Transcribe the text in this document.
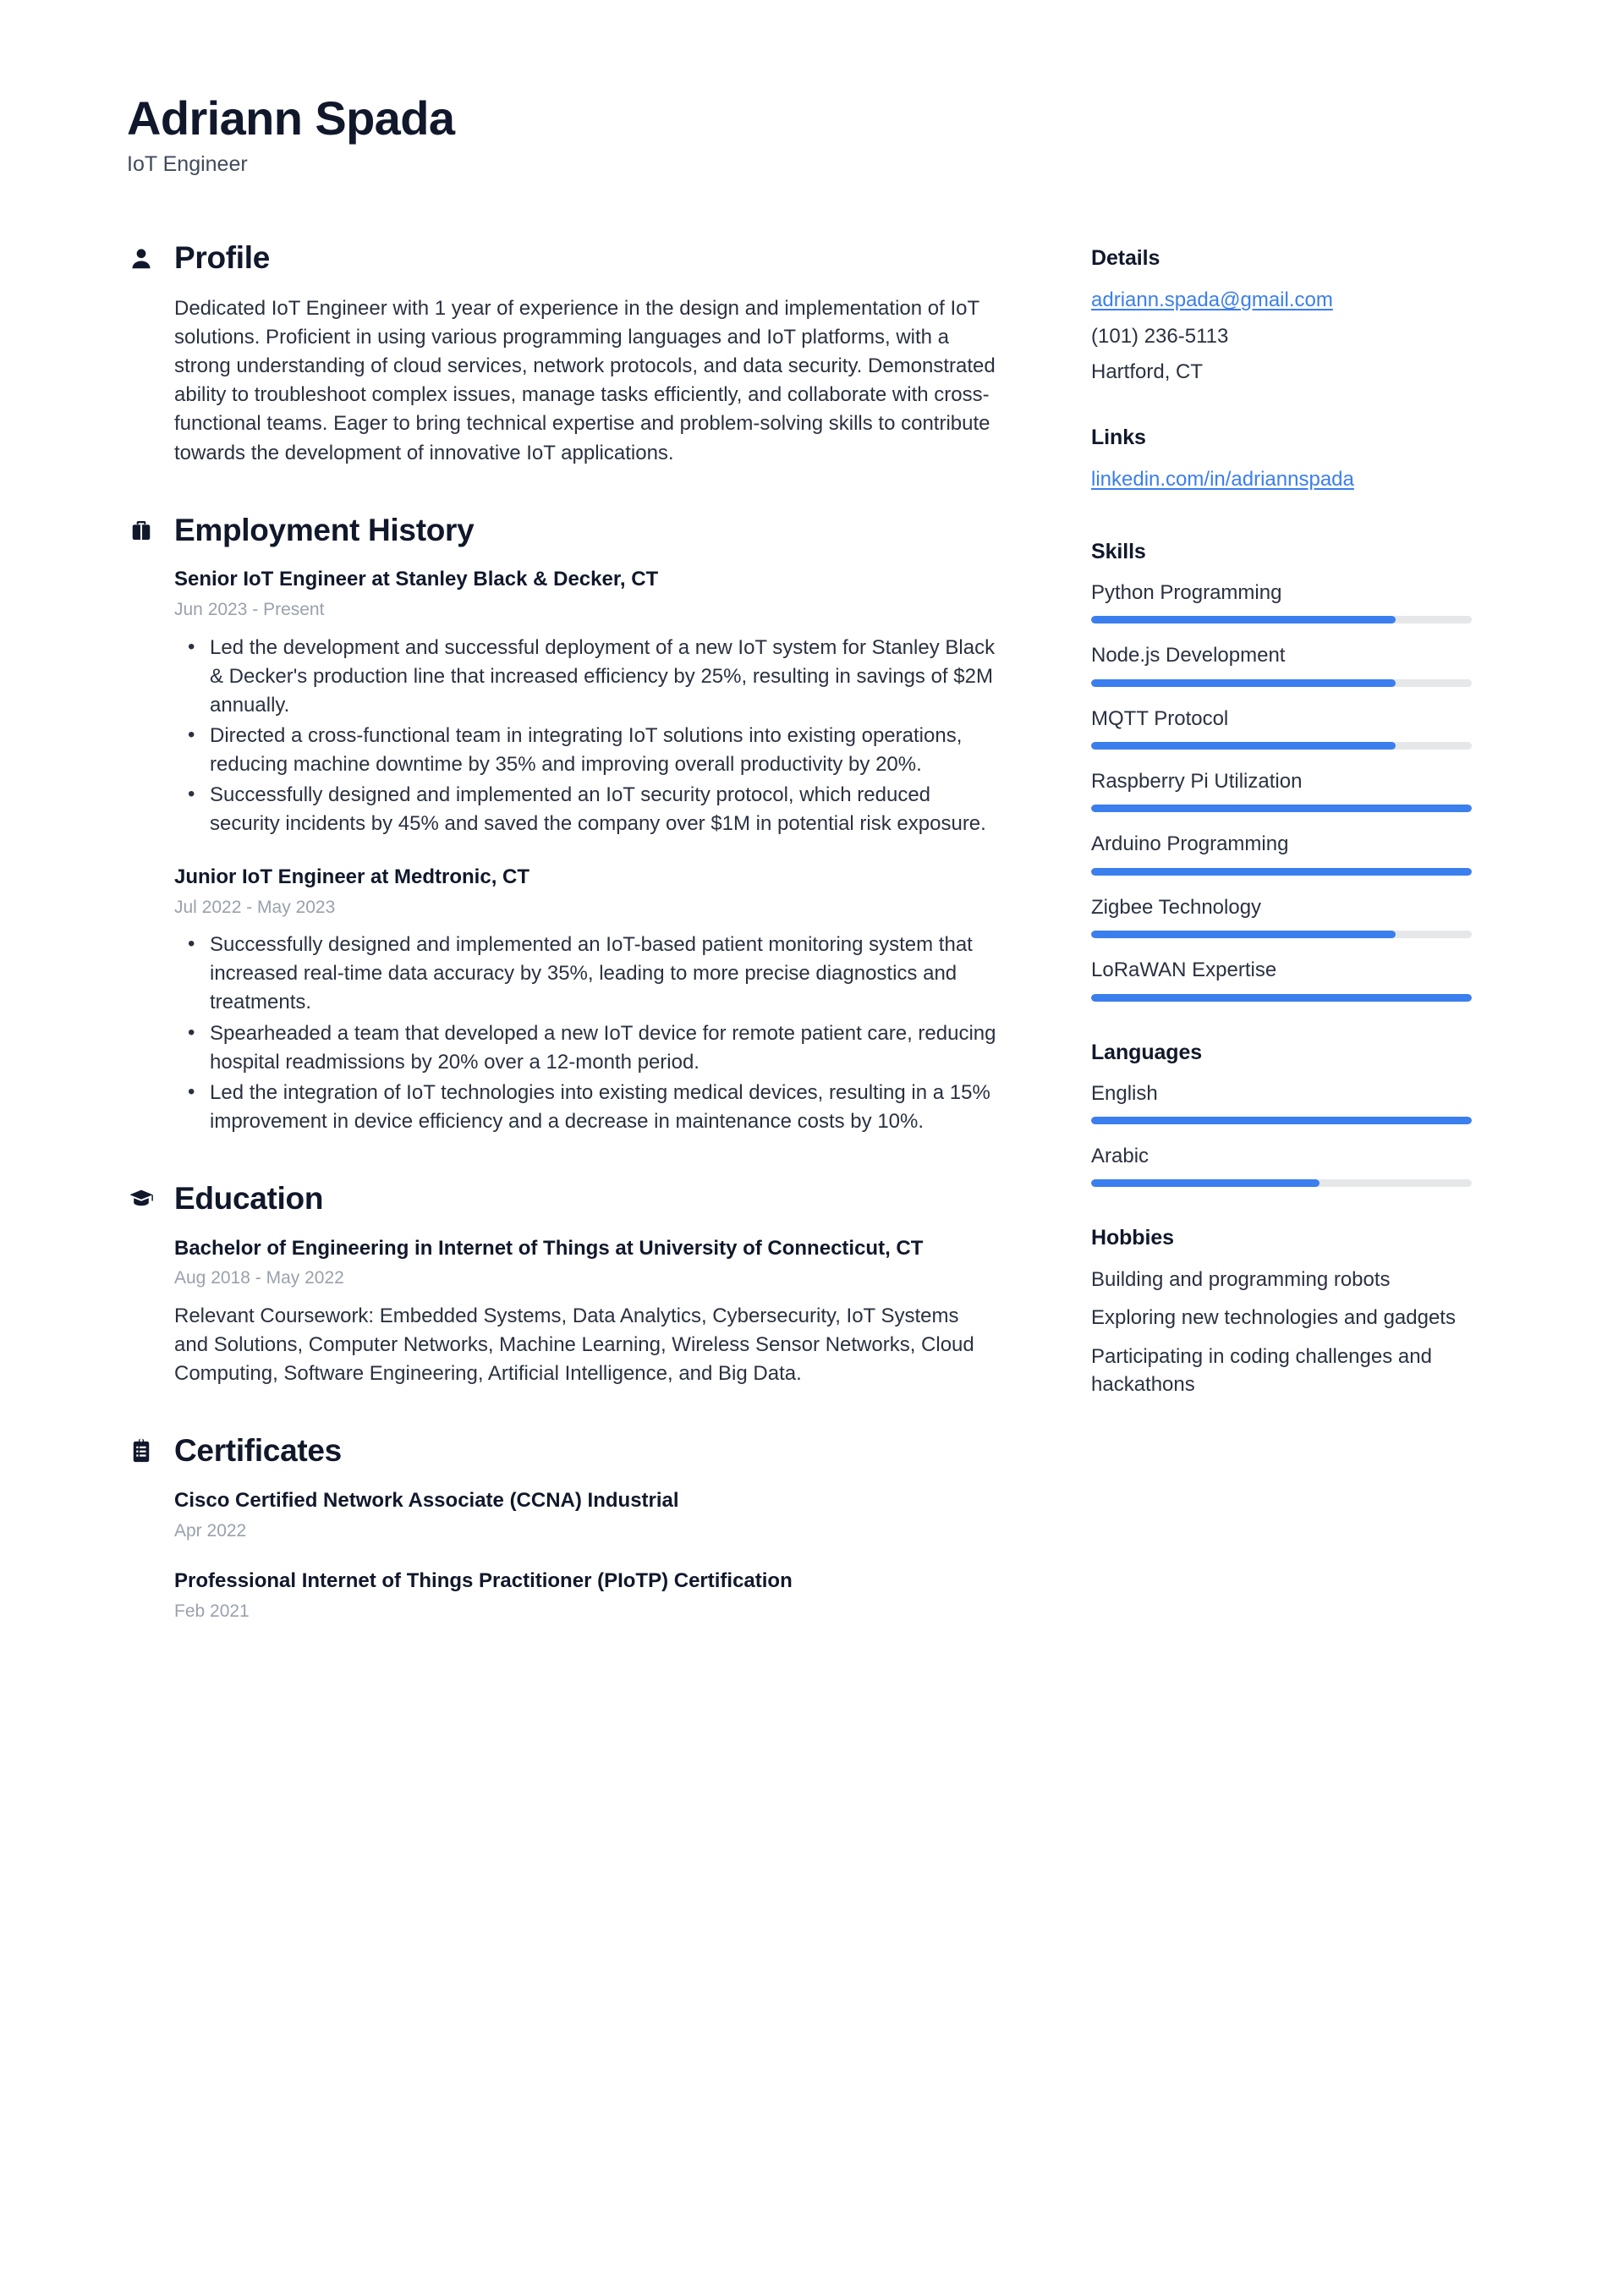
Adriann Spada
IoT Engineer
Profile

Dedicated IoT Engineer with 1 year of experience in the design and implementation of IoT solutions. Proficient in using various programming languages and IoT platforms, with a strong understanding of cloud services, network protocols, and data security. Demonstrated ability to troubleshoot complex issues, manage tasks efficiently, and collaborate with cross-functional teams. Eager to bring technical expertise and problem-solving skills to contribute towards the development of innovative IoT applications.

Employment History
Senior IoT Engineer at Stanley Black & Decker, CT
Jun 2023 - Present
• Led the development and successful deployment of a new IoT system for Stanley Black & Decker's production line that increased efficiency by 25%, resulting in savings of $2M annually.
• Directed a cross-functional team in integrating IoT solutions into existing operations, reducing machine downtime by 35% and improving overall productivity by 20%.
• Successfully designed and implemented an IoT security protocol, which reduced security incidents by 45% and saved the company over $1M in potential risk exposure.
Junior IoT Engineer at Medtronic, CT
Jul 2022 - May 2023
• Successfully designed and implemented an IoT-based patient monitoring system that increased real-time data accuracy by 35%, leading to more precise diagnostics and treatments.
• Spearheaded a team that developed a new IoT device for remote patient care, reducing hospital readmissions by 20% over a 12-month period.
• Led the integration of IoT technologies into existing medical devices, resulting in a 15% improvement in device efficiency and a decrease in maintenance costs by 10%.
Education
Bachelor of Engineering in Internet of Things at University of Connecticut, CT
Aug 2018 - May 2022
Relevant Coursework: Embedded Systems, Data Analytics, Cybersecurity, IoT Systems and Solutions, Computer Networks, Machine Learning, Wireless Sensor Networks, Cloud Computing, Software Engineering, Artificial Intelligence, and Big Data.
Certificates
Cisco Certified Network Associate (CCNA) Industrial
Apr 2022
Professional Internet of Things Practitioner (PIoTP) Certification
Feb 2021
Details
adriann.spada@gmail.com
(101) 236-5113
Hartford, CT
Links
linkedin.com/in/adriannspada
Skills
Python Programming
Node.js Development
MQTT Protocol
Raspberry Pi Utilization
Arduino Programming
Zigbee Technology
LoRaWAN Expertise
Languages
English
Arabic
Hobbies
Building and programming robots
Exploring new technologies and gadgets
Participating in coding challenges and hackathons
